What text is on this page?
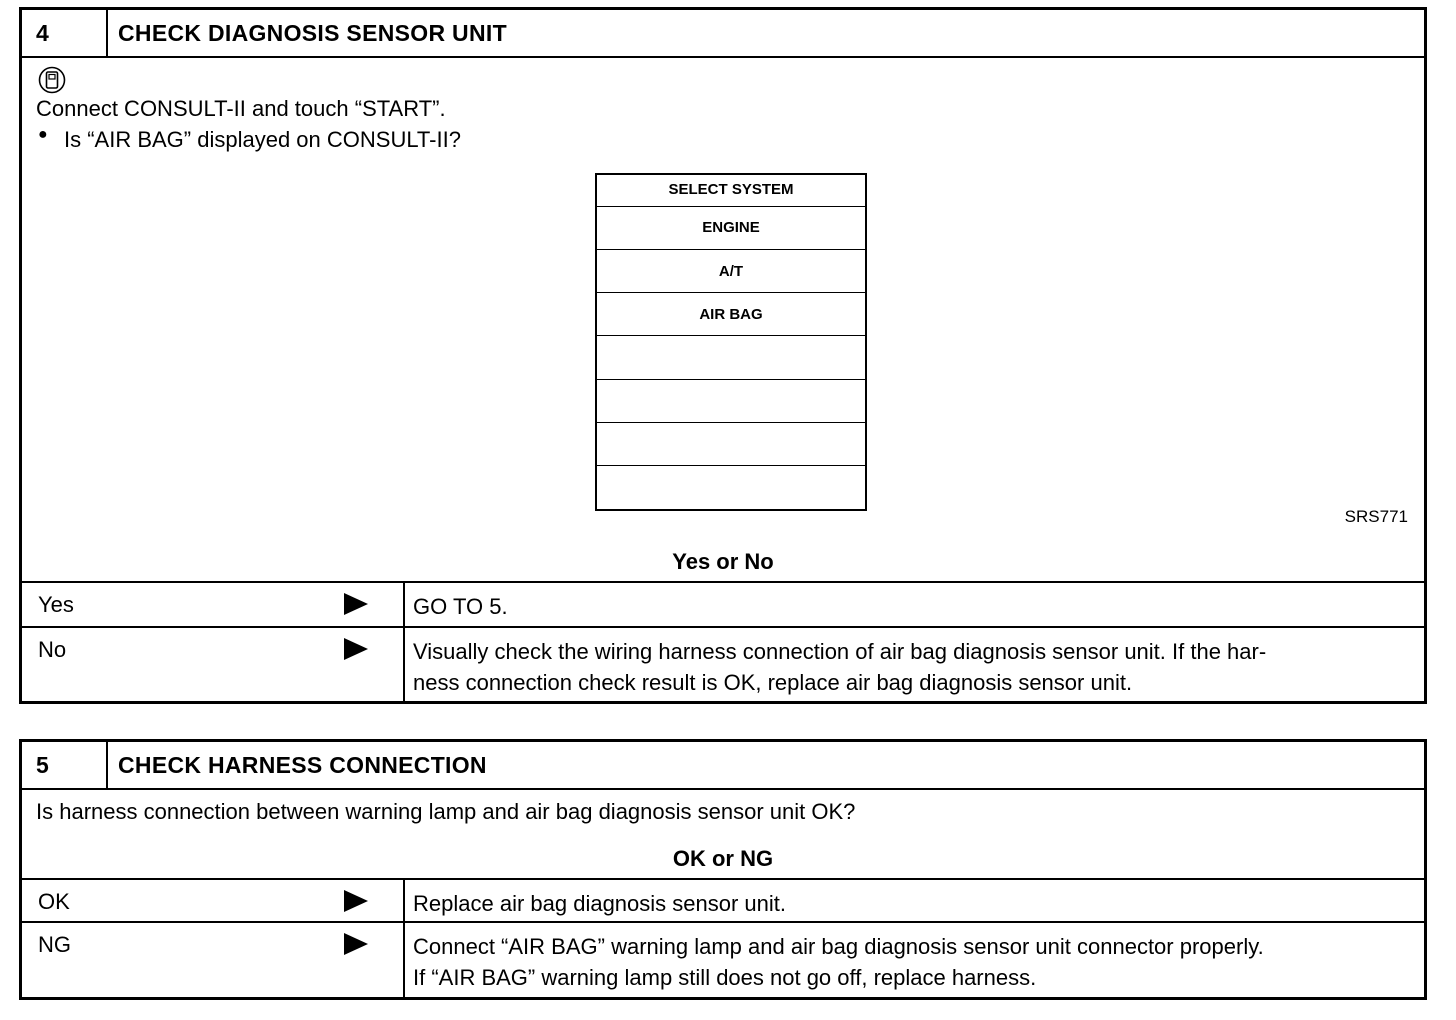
4	CHECK DIAGNOSIS SENSOR UNIT
Connect CONSULT-II and touch “START”.
● Is “AIR BAG” displayed on CONSULT-II?
SELECT SYSTEM
ENGINE
A/T
AIR BAG
SRS771
Yes or No
Yes	GO TO 5.
No	Visually check the wiring harness connection of air bag diagnosis sensor unit. If the har-
ness connection check result is OK, replace air bag diagnosis sensor unit.
5	CHECK HARNESS CONNECTION
Is harness connection between warning lamp and air bag diagnosis sensor unit OK?
OK or NG
OK	Replace air bag diagnosis sensor unit.
NG	Connect “AIR BAG” warning lamp and air bag diagnosis sensor unit connector properly.
If “AIR BAG” warning lamp still does not go off, replace harness.
